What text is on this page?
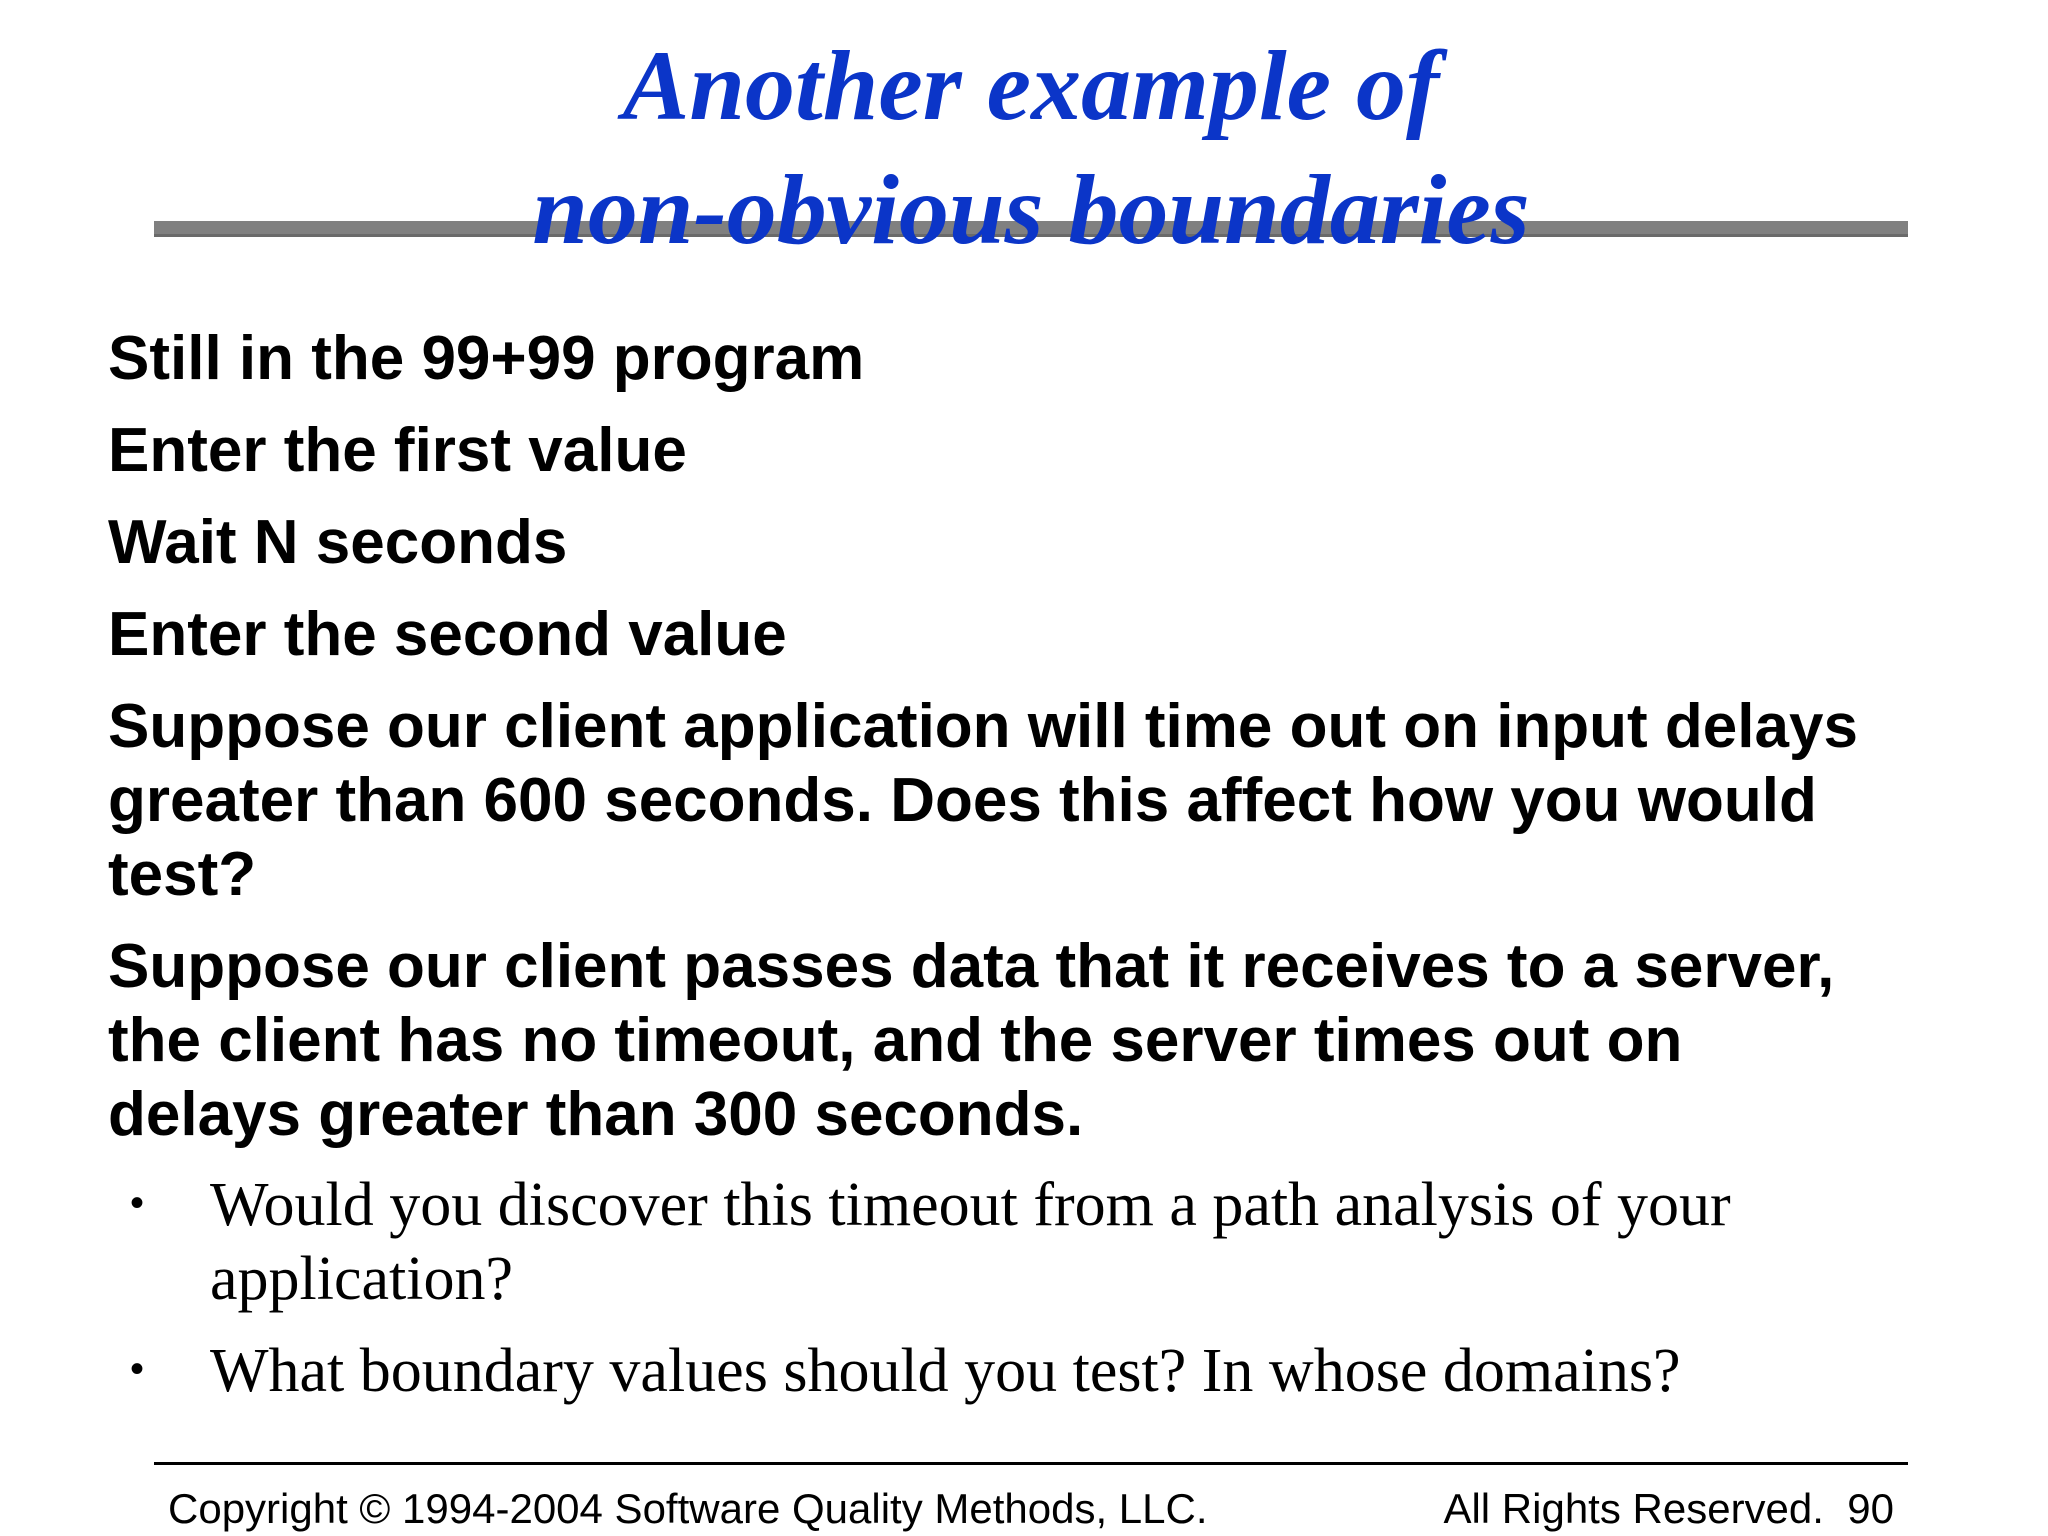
Another example of
non-obvious boundaries
Still in the 99+99 program
Enter the first value
Wait N seconds
Enter the second value
Suppose our client application will time out on input delays greater than 600 seconds. Does this affect how you would test?
Suppose our client passes data that it receives to a server, the client has no timeout, and the server times out on delays greater than 300 seconds.
•	Would you discover this timeout from a path analysis of your application?
•	What boundary values should you test? In whose domains?
Copyright © 1994-2004 Software Quality Methods, LLC.	All Rights Reserved. 90
